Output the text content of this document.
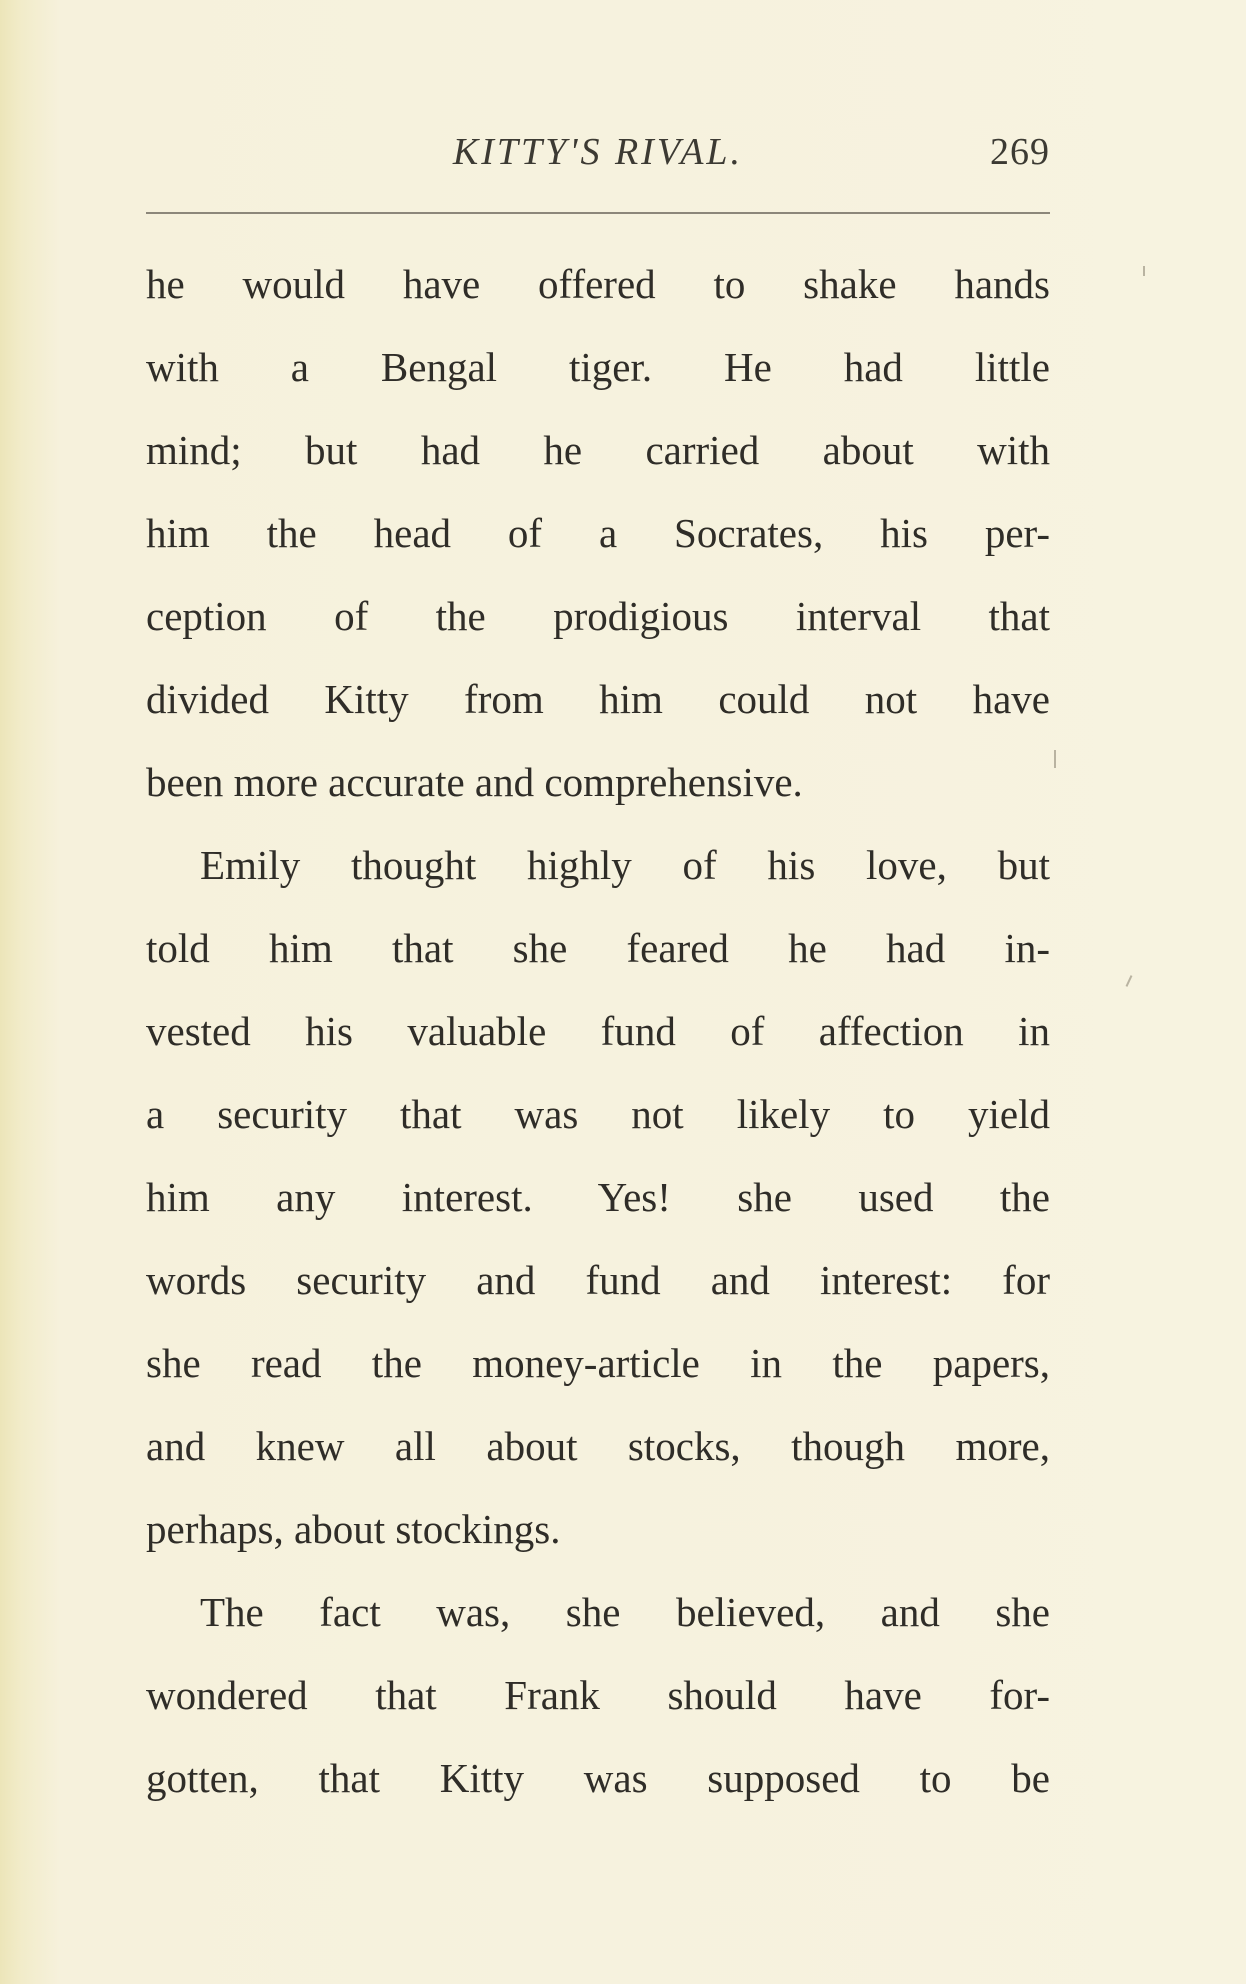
KITTY'S RIVAL.	269
he would have offered to shake hands
with a Bengal tiger. He had little
mind; but had he carried about with
him the head of a Socrates, his per-
ception of the prodigious interval that
divided Kitty from him could not have
been more accurate and comprehensive.
Emily thought highly of his love, but
told him that she feared he had in-
vested his valuable fund of affection in
a security that was not likely to yield
him any interest. Yes! she used the
words security and fund and interest: for
she read the money-article in the papers,
and knew all about stocks, though more,
perhaps, about stockings.
The fact was, she believed, and she
wondered that Frank should have for-
gotten, that Kitty was supposed to be
